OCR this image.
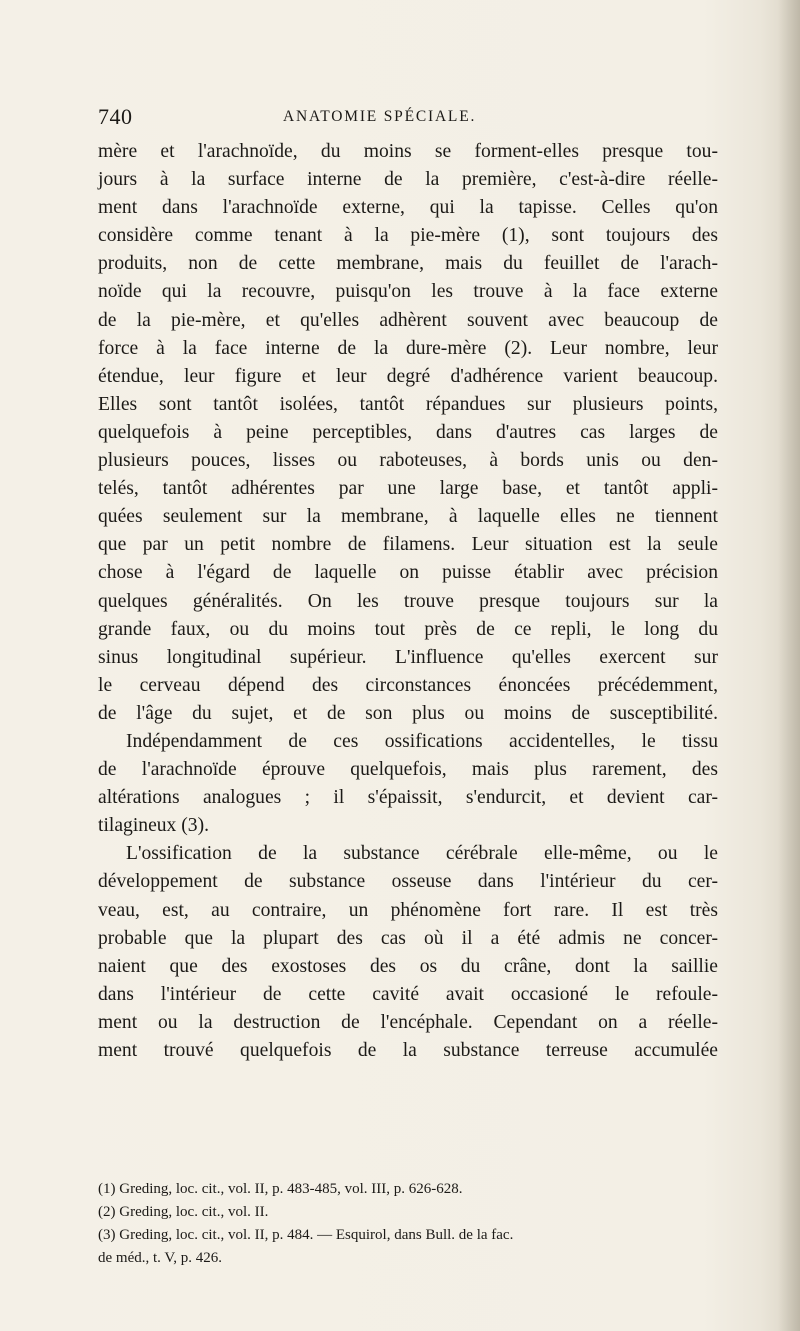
740	ANATOMIE SPÉCIALE.
mère et l'arachnoïde, du moins se forment-elles presque tou-
jours à la surface interne de la première, c'est-à-dire réelle-
ment dans l'arachnoïde externe, qui la tapisse. Celles qu'on
considère comme tenant à la pie-mère (1), sont toujours des
produits, non de cette membrane, mais du feuillet de l'arach-
noïde qui la recouvre, puisqu'on les trouve à la face externe
de la pie-mère, et qu'elles adhèrent souvent avec beaucoup de
force à la face interne de la dure-mère (2). Leur nombre, leur
étendue, leur figure et leur degré d'adhérence varient beaucoup.
Elles sont tantôt isolées, tantôt répandues sur plusieurs points,
quelquefois à peine perceptibles, dans d'autres cas larges de
plusieurs pouces, lisses ou raboteuses, à bords unis ou den-
telés, tantôt adhérentes par une large base, et tantôt appli-
quées seulement sur la membrane, à laquelle elles ne tiennent
que par un petit nombre de filamens. Leur situation est la seule
chose à l'égard de laquelle on puisse établir avec précision
quelques généralités. On les trouve presque toujours sur la
grande faux, ou du moins tout près de ce repli, le long du
sinus longitudinal supérieur. L'influence qu'elles exercent sur
le cerveau dépend des circonstances énoncées précédemment,
de l'âge du sujet, et de son plus ou moins de susceptibilité.
Indépendamment de ces ossifications accidentelles, le tissu
de l'arachnoïde éprouve quelquefois, mais plus rarement, des
altérations analogues ; il s'épaissit, s'endurcit, et devient car-
tilagineux (3).
L'ossification de la substance cérébrale elle-même, ou le
développement de substance osseuse dans l'intérieur du cer-
veau, est, au contraire, un phénomène fort rare. Il est très
probable que la plupart des cas où il a été admis ne concer-
naient que des exostoses des os du crâne, dont la saillie
dans l'intérieur de cette cavité avait occasioné le refoule-
ment ou la destruction de l'encéphale. Cependant on a réelle-
ment trouvé quelquefois de la substance terreuse accumulée
(1) Greding, loc. cit., vol. II, p. 483-485, vol. III, p. 626-628.
(2) Greding, loc. cit., vol. II.
(3) Greding, loc. cit., vol. II, p. 484. — Esquirol, dans Bull. de la fac.
de méd., t. V, p. 426.
